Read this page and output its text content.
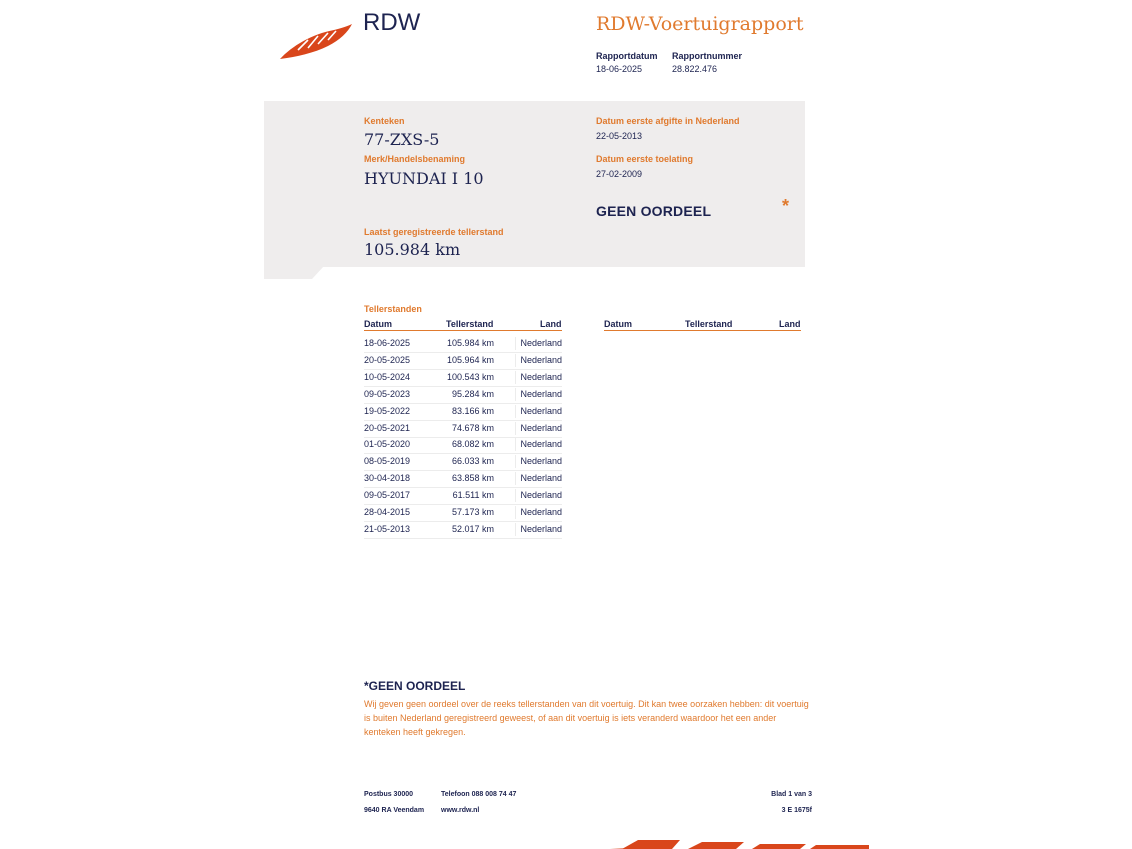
RDW	RDW-Voertuigrapport
Rapportdatum
18-06-2025
Rapportnummer
28.822.476
Kenteken
77-ZXS-5
Merk/Handelsbenaming
HYUNDAI I 10
Datum eerste afgifte in Nederland
22-05-2013
Datum eerste toelating
27-02-2009
GEEN OORDEEL	*
Laatst geregistreerde tellerstand
105.984 km
Tellerstanden
Datum	Tellerstand	Land	Datum	Tellerstand	Land
18-06-2025	105.984 km	Nederland
20-05-2025	105.964 km	Nederland
10-05-2024	100.543 km	Nederland
09-05-2023	95.284 km	Nederland
19-05-2022	83.166 km	Nederland
20-05-2021	74.678 km	Nederland
01-05-2020	68.082 km	Nederland
08-05-2019	66.033 km	Nederland
30-04-2018	63.858 km	Nederland
09-05-2017	61.511 km	Nederland
28-04-2015	57.173 km	Nederland
21-05-2013	52.017 km	Nederland
*GEEN OORDEEL
Wij geven geen oordeel over de reeks tellerstanden van dit voertuig. Dit kan twee oorzaken hebben: dit voertuig is buiten Nederland geregistreerd geweest, of aan dit voertuig is iets veranderd waardoor het een ander kenteken heeft gekregen.
Postbus 30000
9640 RA Veendam
Telefoon 088 008 74 47
www.rdw.nl
Blad 1 van 3
3 E 1675f
